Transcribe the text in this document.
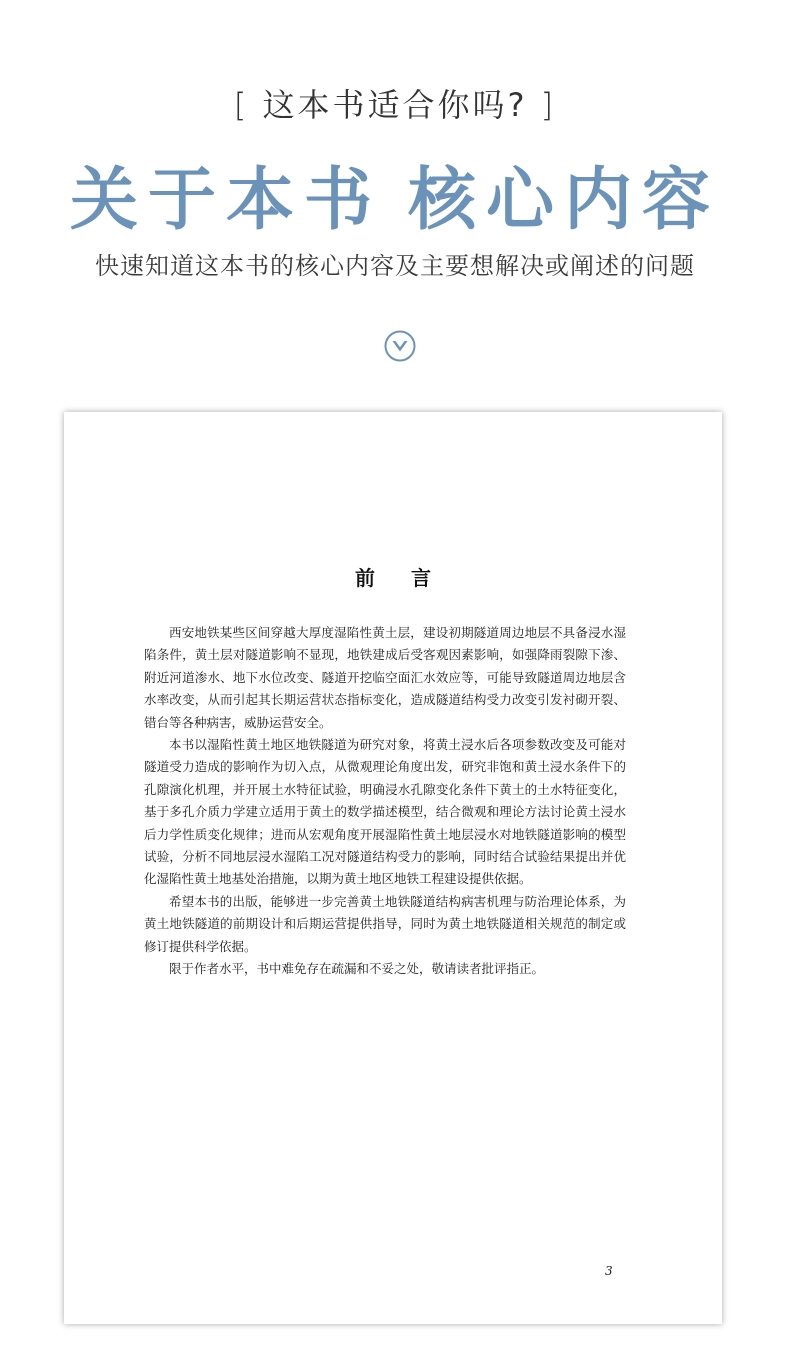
[ 这本书适合你吗? ]
关于本书 核心内容
快速知道这本书的核心内容及主要想解决或阐述的问题
前言

西安地铁某些区间穿越大厚度湿陷性黄土层，建设初期隧道周边地层不具备浸水湿陷条件，黄土层对隧道影响不显现，地铁建成后受客观因素影响，如强降雨裂隙下渗、附近河道渗水、地下水位改变、隧道开挖临空面汇水效应等，可能导致隧道周边地层含水率改变，从而引起其长期运营状态指标变化，造成隧道结构受力改变引发衬砌开裂、错台等各种病害，威胁运营安全。

本书以湿陷性黄土地区地铁隧道为研究对象，将黄土浸水后各项参数改变及可能对隧道受力造成的影响作为切入点，从微观理论角度出发，研究非饱和黄土浸水条件下的孔隙演化机理，并开展土水特征试验，明确浸水孔隙变化条件下黄土的土水特征变化，基于多孔介质力学建立适用于黄土的数学描述模型，结合微观和理论方法讨论黄土浸水后力学性质变化规律；进而从宏观角度开展湿陷性黄土地层浸水对地铁隧道影响的模型试验，分析不同地层浸水湿陷工况对隧道结构受力的影响，同时结合试验结果提出并优化湿陷性黄土地基处治措施，以期为黄土地区地铁工程建设提供依据。

希望本书的出版，能够进一步完善黄土地铁隧道结构病害机理与防治理论体系，为黄土地铁隧道的前期设计和后期运营提供指导，同时为黄土地铁隧道相关规范的制定或修订提供科学依据。

限于作者水平，书中难免存在疏漏和不妥之处，敬请读者批评指正。

3
